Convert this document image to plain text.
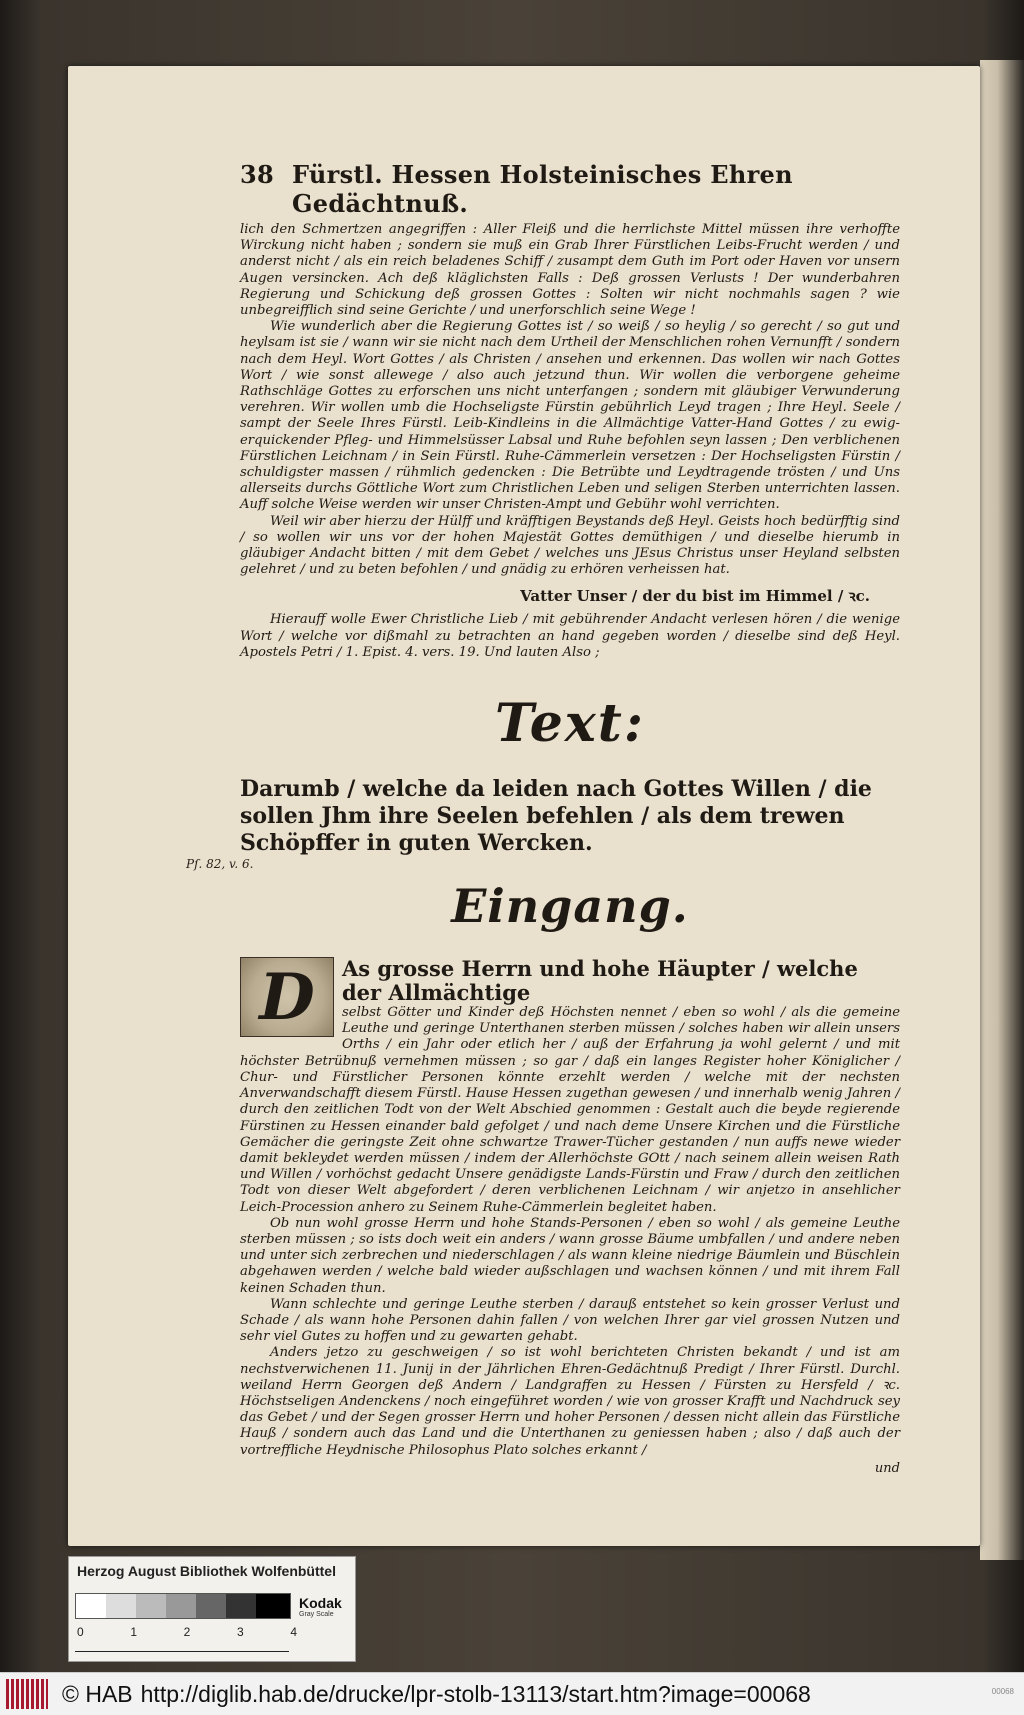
Pſ. 82, v. 6.
38 Fürstl. Hessen Holsteinisches Ehren Gedächtnuß.

lich den Schmertzen angegriffen : Aller Fleiß und die herrlichste Mittel müssen ihre verhoffte Wirckung nicht haben ; sondern sie muß ein Grab Ihrer Fürstlichen Leibs-Frucht werden / und anderst nicht / als ein reich beladenes Schiff / zusampt dem Guth im Port oder Haven vor unsern Augen versincken. Ach deß kläglichsten Falls : Deß grossen Verlusts ! Der wunderbahren Regierung und Schickung deß grossen Gottes : Solten wir nicht nochmahls sagen ? wie unbegreifflich sind seine Gerichte / und unerforschlich seine Wege !

Wie wunderlich aber die Regierung Gottes ist / so weiß / so heylig / so gerecht / so gut und heylsam ist sie / wann wir sie nicht nach dem Urtheil der Menschlichen rohen Vernunfft / sondern nach dem Heyl. Wort Gottes / als Christen / ansehen und erkennen. Das wollen wir nach Gottes Wort / wie sonst allewege / also auch jetzund thun. Wir wollen die verborgene geheime Rathschläge Gottes zu erforschen uns nicht unterfangen ; sondern mit gläubiger Verwunderung verehren. Wir wollen umb die Hochseligste Fürstin gebührlich Leyd tragen ; Ihre Heyl. Seele / sampt der Seele Ihres Fürstl. Leib-Kindleins in die Allmächtige Vatter-Hand Gottes / zu ewig-erquickender Pfleg- und Himmelsüsser Labsal und Ruhe befohlen seyn lassen ; Den verblichenen Fürstlichen Leichnam / in Sein Fürstl. Ruhe-Cämmerlein versetzen : Der Hochseligsten Fürstin / schuldigster massen / rühmlich gedencken : Die Betrübte und Leydtragende trösten / und Uns allerseits durchs Göttliche Wort zum Christlichen Leben und seligen Sterben unterrichten lassen. Auff solche Weise werden wir unser Christen-Ampt und Gebühr wohl verrichten.

Weil wir aber hierzu der Hülff und kräfftigen Beystands deß Heyl. Geists hoch bedürfftig sind / so wollen wir uns vor der hohen Majestät Gottes demüthigen / und dieselbe hierumb in gläubiger Andacht bitten / mit dem Gebet / welches uns JEsus Christus unser Heyland selbsten gelehret / und zu beten befohlen / und gnädig zu erhören verheissen hat.

Vatter Unser / der du bist im Himmel / ꝛc.

Hierauff wolle Ewer Christliche Lieb / mit gebührender Andacht verlesen hören / die wenige Wort / welche vor dißmahl zu betrachten an hand gegeben worden / dieselbe sind deß Heyl. Apostels Petri / 1. Epist. 4. vers. 19. Und lauten Also ;

Text:

Darumb / welche da leiden nach Gottes Willen / die sollen Jhm ihre Seelen befehlen / als dem trewen Schöpffer in guten Wercken.

Eingang.
D	As grosse Herrn und hohe Häupter / welche der Allmächtige

selbst Götter und Kinder deß Höchsten nennet / eben so wohl / als die gemeine Leuthe und geringe Unterthanen sterben müssen / solches haben wir allein unsers Orths / ein Jahr oder etlich her / auß der Erfahrung ja wohl gelernt / und mit höchster Betrübnuß vernehmen müssen ; so gar / daß ein langes Register hoher Königlicher / Chur- und Fürstlicher Personen könnte erzehlt werden / welche mit der nechsten Anverwandschafft diesem Fürstl. Hause Hessen zugethan gewesen / und innerhalb wenig Jahren / durch den zeitlichen Todt von der Welt Abschied genommen : Gestalt auch die beyde regierende Fürstinen zu Hessen einander bald gefolget / und nach deme Unsere Kirchen und die Fürstliche Gemächer die geringste Zeit ohne schwartze Trawer-Tücher gestanden / nun auffs newe wieder damit bekleydet werden müssen / indem der Allerhöchste GOtt / nach seinem allein weisen Rath und Willen / vorhöchst gedacht Unsere genädigste Lands-Fürstin und Fraw / durch den zeitlichen Todt von dieser Welt abgefordert / deren verblichenen Leichnam / wir anjetzo in ansehlicher Leich-Procession anhero zu Seinem Ruhe-Cämmerlein begleitet haben.

Ob nun wohl grosse Herrn und hohe Stands-Personen / eben so wohl / als gemeine Leuthe sterben müssen ; so ists doch weit ein anders / wann grosse Bäume umbfallen / und andere neben und unter sich zerbrechen und niederschlagen / als wann kleine niedrige Bäumlein und Büschlein abgehawen werden / welche bald wieder außschlagen und wachsen können / und mit ihrem Fall keinen Schaden thun.

Wann schlechte und geringe Leuthe sterben / darauß entstehet so kein grosser Verlust und Schade / als wann hohe Personen dahin fallen / von welchen Ihrer gar viel grossen Nutzen und sehr viel Gutes zu hoffen und zu gewarten gehabt.

Anders jetzo zu geschweigen / so ist wohl berichteten Christen bekandt / und ist am nechstverwichenen 11. Junij in der Jährlichen Ehren-Gedächtnuß Predigt / Ihrer Fürstl. Durchl. weiland Herrn Georgen deß Andern / Landgraffen zu Hessen / Fürsten zu Hersfeld / ꝛc. Höchstseligen Andenckens / noch eingeführet worden / wie von grosser Krafft und Nachdruck sey das Gebet / und der Segen grosser Herrn und hoher Personen / dessen nicht allein das Fürstliche Hauß / sondern auch das Land und die Unterthanen zu geniessen haben ; also / daß auch der vortreffliche Heydnische Philosophus Plato solches erkannt /

und
Herzog August Bibliothek Wolfenbüttel
Kodak
Gray Scale
0	1	2	3	4
© HAB http://diglib.hab.de/drucke/lpr-stolb-13113/start.htm?image=00068	00068
